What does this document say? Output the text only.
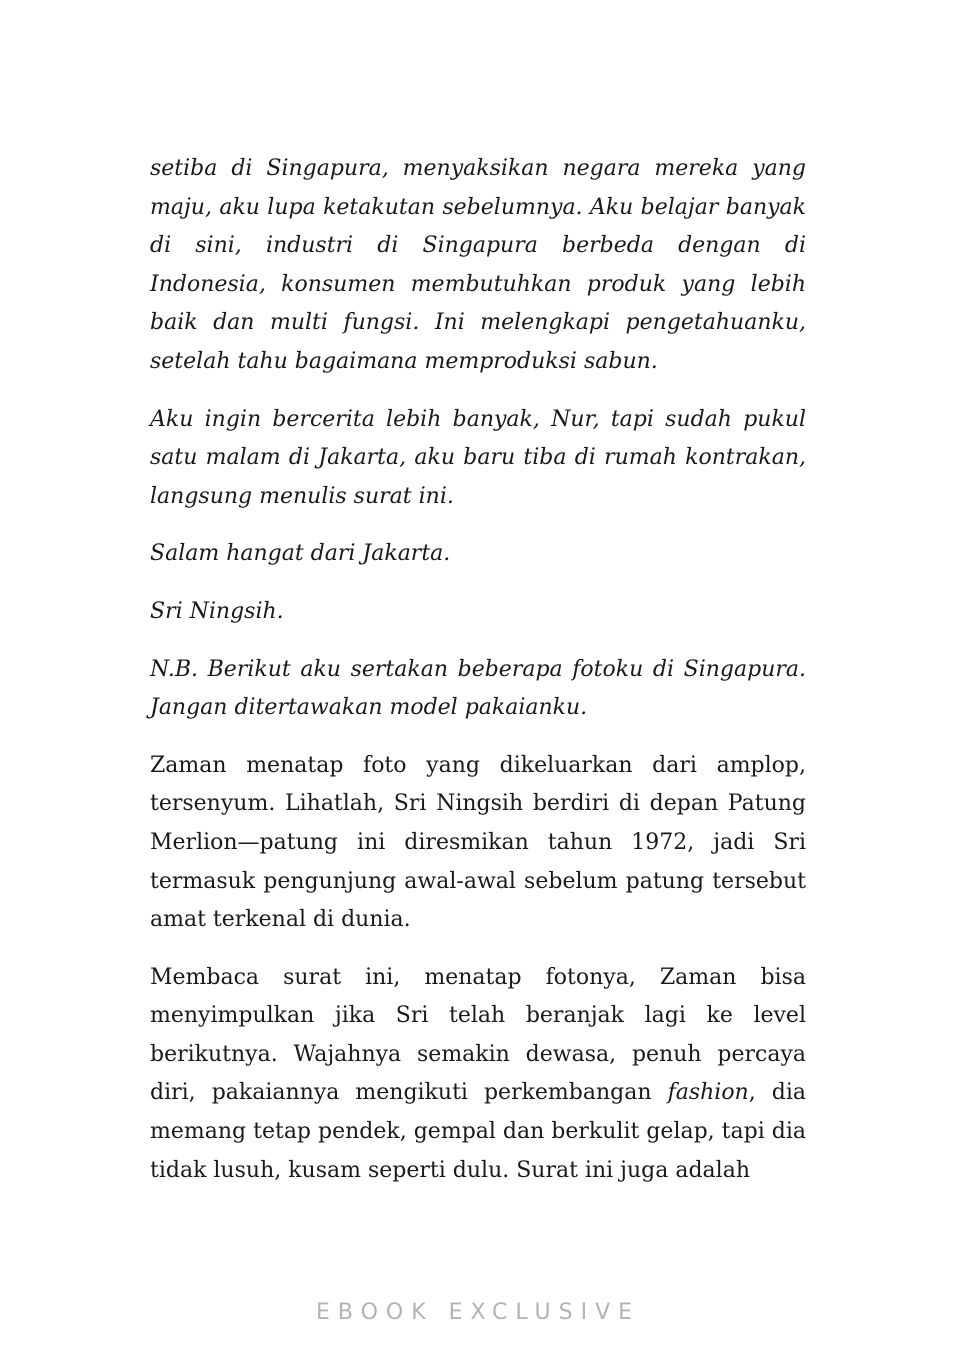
setiba di Singapura, menyaksikan negara mereka yang maju, aku lupa ketakutan sebelumnya. Aku belajar banyak di sini, industri di Singapura berbeda dengan di Indonesia, konsumen membutuhkan produk yang lebih baik dan multi fungsi. Ini melengkapi pengetahuanku, setelah tahu bagaimana memproduksi sabun.

Aku ingin bercerita lebih banyak, Nur, tapi sudah pukul satu malam di Jakarta, aku baru tiba di rumah kontrakan, langsung menulis surat ini.

Salam hangat dari Jakarta.

Sri Ningsih.

N.B. Berikut aku sertakan beberapa fotoku di Singapura. Jangan ditertawakan model pakaianku.

Zaman menatap foto yang dikeluarkan dari amplop, tersenyum. Lihatlah, Sri Ningsih berdiri di depan Patung Merlion—patung ini diresmikan tahun 1972, jadi Sri termasuk pengunjung awal-awal sebelum patung tersebut amat terkenal di dunia.

Membaca surat ini, menatap fotonya, Zaman bisa menyimpulkan jika Sri telah beranjak lagi ke level berikutnya. Wajahnya semakin dewasa, penuh percaya diri, pakaiannya mengikuti perkembangan fashion, dia memang tetap pendek, gempal dan berkulit gelap, tapi dia tidak lusuh, kusam seperti dulu. Surat ini juga adalah

EBOOK EXCLUSIVE
